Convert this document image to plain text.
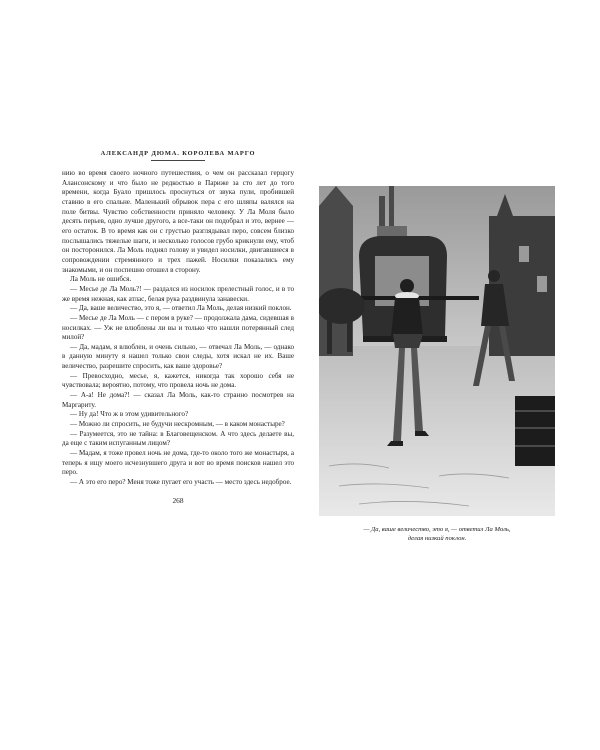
АЛЕКСАНДР ДЮМА. КОРОЛЕВА МАРГО

нию во время своего ночного путешествия, о чем он рассказал герцогу Алансонскому и что было не редкостью в Париже за сто лет до того времени, когда Буало пришлось проснуться от звука пули, пробившей ставню в его спальне. Маленький обрывок пера с его шляпы валялся на поле битвы. Чувство собственности приняло человеку. У Ла Моля было десять перьев, одно лучше другого, а все-таки он подобрал и это, вернее — его остаток. В то время как он с грустью разглядывал перо, совсем близко послышались тяжелые шаги, и несколько голосов грубо крикнули ему, чтоб он посторонился. Ла Моль поднял голову и увидел носилки, двигавшиеся в сопровождении стремянного и трех пажей. Носилки показались ему знакомыми, и он поспешно отошел в сторону.

Ла Моль не ошибся.

— Месье де Ла Моль?! — раздался из носилок прелестный голос, и в то же время нежная, как атлас, белая рука раздвинула занавески.

— Да, ваше величество, это я, — ответил Ла Моль, делая низкий поклон.

— Месье де Ла Моль — с пером в руке? — продолжала дама, сидевшая в носилках. — Уж не влюблены ли вы и только что нашли потерянный след милой?

— Да, мадам, я влюблен, и очень сильно, — отвечал Ла Моль, — однако в данную минуту я нашел только свои следы, хотя искал не их. Ваше величество, разрешите спросить, как ваше здоровье?

— Превосходно, месье, я, кажется, никогда так хорошо себя не чувствовала; вероятно, потому, что провела ночь не дома.

— А-а! Не дома?! — сказал Ла Моль, как-то странно посмотрев на Маргариту.

— Ну да! Что ж в этом удивительного?

— Можно ли спросить, не будучи нескромным, — в каком монастыре?

— Разумеется, это не тайна: в Благовещенском. А что здесь делаете вы, да еще с таким испуганным лицом?

— Мадам, я тоже провел ночь не дома, где-то около того же монастыря, а теперь я ищу моего исчезнувшего друга и вот во время поисков нашел это перо.

— А это его перо? Меня тоже пугает его участь — место здесь недоброе.

268
— Да, ваше величество, это я, — ответил Ла Моль,
делая низкий поклон.
